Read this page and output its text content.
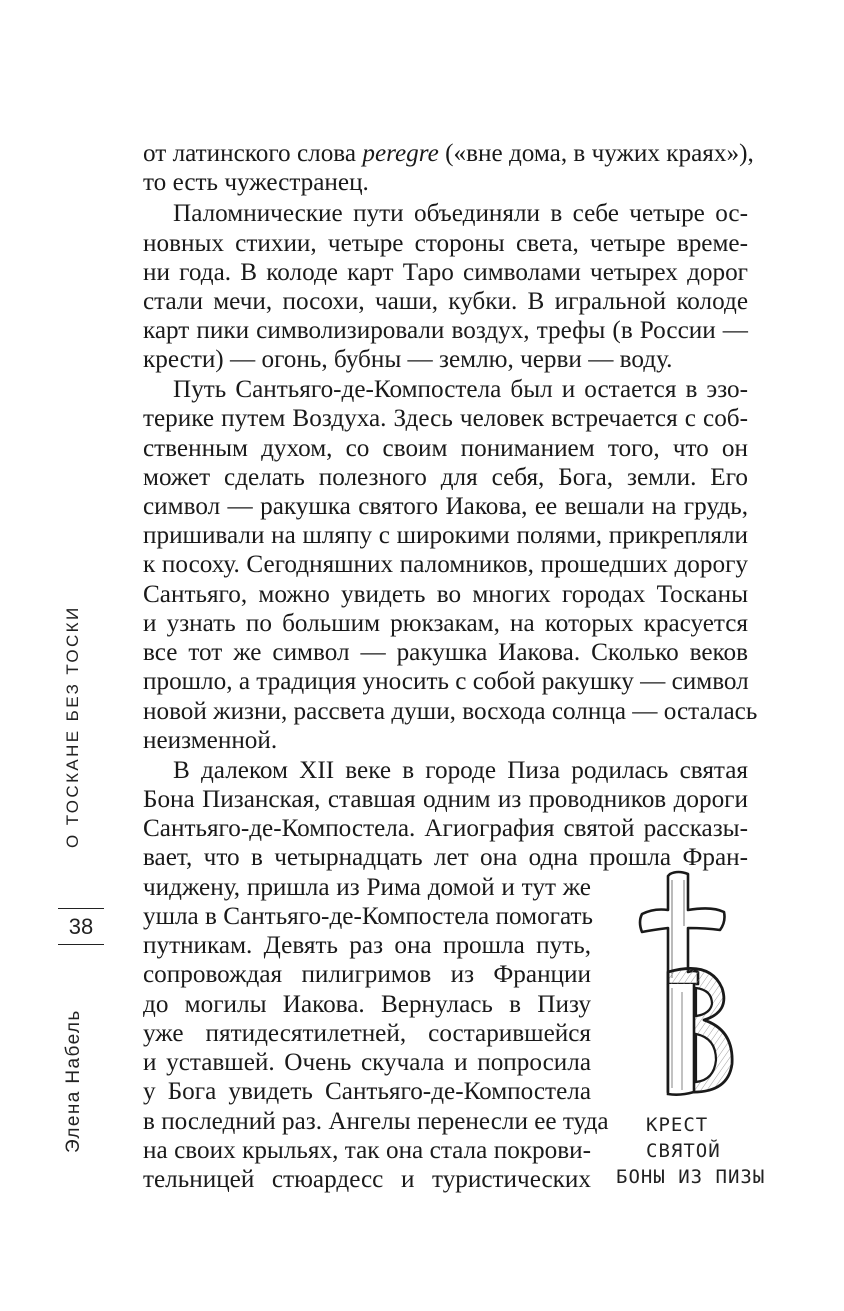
О ТОСКАНЕ БЕЗ ТОСКИ
38
Элена Набель
от латинского слова peregre («вне дома, в чужих краях»),
то есть чужестранец.
Паломнические пути объединяли в себе четыре ос-
новных стихии, четыре стороны света, четыре време-
ни года. В колоде карт Таро символами четырех дорог
стали мечи, посохи, чаши, кубки. В игральной колоде
карт пики символизировали воздух, трефы (в России —
крести) — огонь, бубны — землю, черви — воду.
Путь Сантьяго-де-Компостела был и остается в эзо-
терике путем Воздуха. Здесь человек встречается с соб-
ственным духом, со своим пониманием того, что он
может сделать полезного для себя, Бога, земли. Его
символ — ракушка святого Иакова, ее вешали на грудь,
пришивали на шляпу с широкими полями, прикрепляли
к посоху. Сегодняшних паломников, прошедших дорогу
Сантьяго, можно увидеть во многих городах Тосканы
и узнать по большим рюкзакам, на которых красуется
все тот же символ — ракушка Иакова. Сколько веков
прошло, а традиция уносить с собой ракушку — символ
новой жизни, рассвета души, восхода солнца — осталась
неизменной.
В далеком XII веке в городе Пиза родилась святая
Бона Пизанская, ставшая одним из проводников дороги
Сантьяго-де-Компостела. Агиография святой рассказы-
вает, что в четырнадцать лет она одна прошла Фран-
чиджену, пришла из Рима домой и тут же
ушла в Сантьяго-де-Компостела помогать
путникам. Девять раз она прошла путь,
сопровождая пилигримов из Франции
до могилы Иакова. Вернулась в Пизу
уже пятидесятилетней, состарившейся
и уставшей. Очень скучала и попросила
у Бога увидеть Сантьяго-де-Компостела
в последний раз. Ангелы перенесли ее туда
на своих крыльях, так она стала покрови-
тельницей стюардесс и туристических
КРЕСТ
СВЯТОЙ
БОНЫ ИЗ ПИЗЫ
